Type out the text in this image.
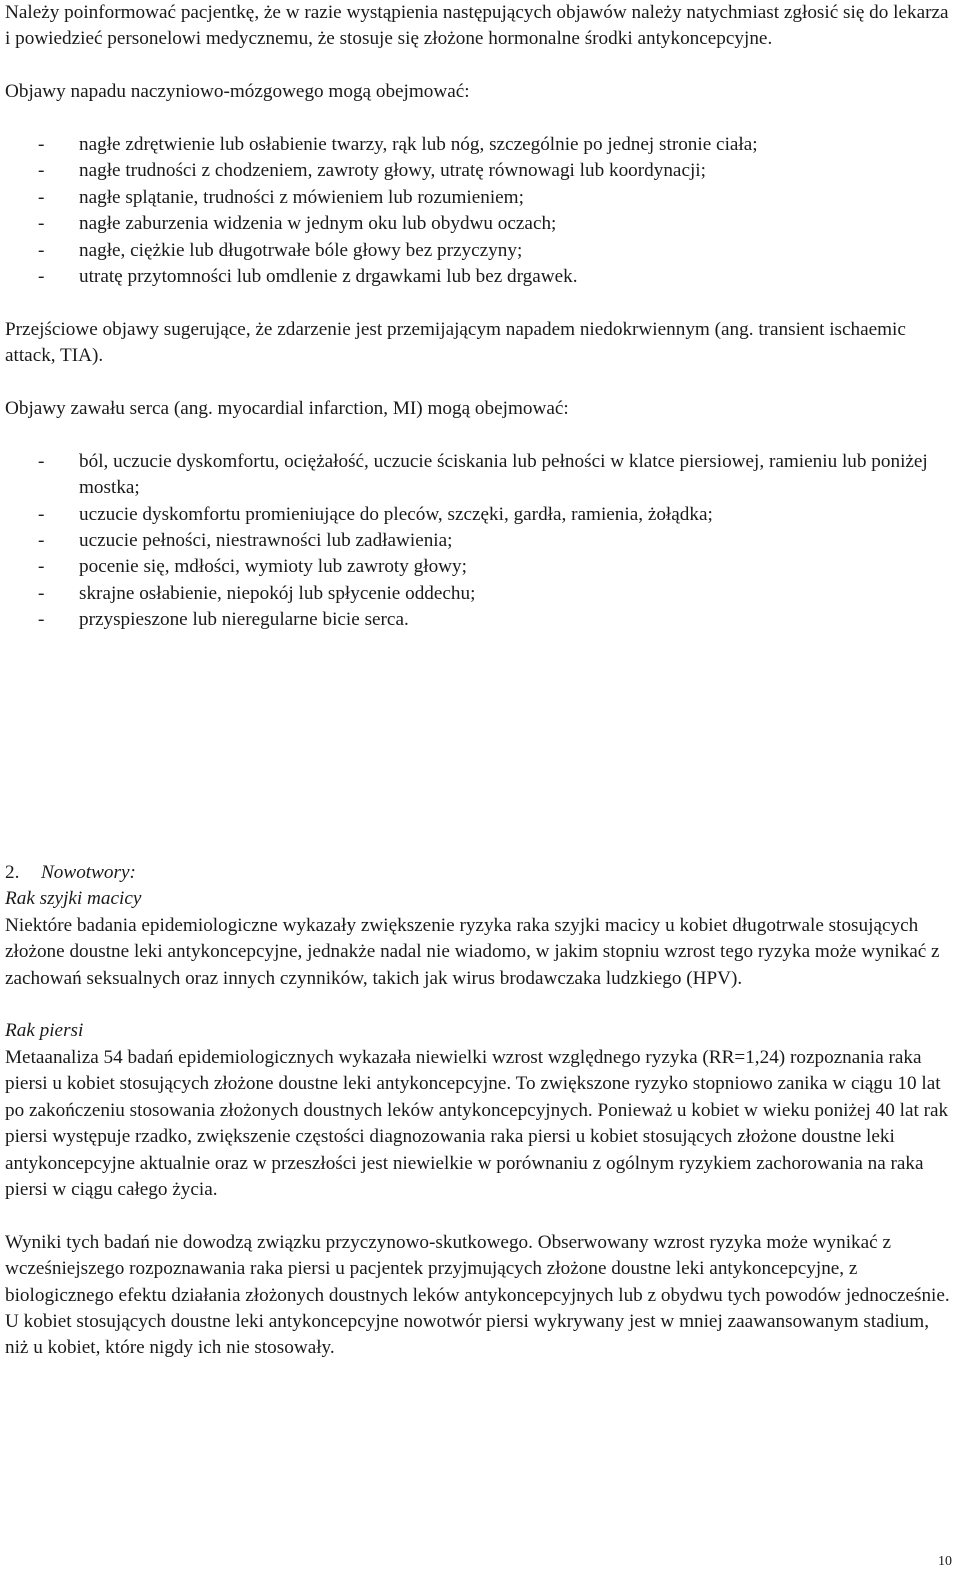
Należy poinformować pacjentkę, że w razie wystąpienia następujących objawów należy natychmiast zgłosić się do lekarza i powiedzieć personelowi medycznemu, że stosuje się złożone hormonalne środki antykoncepcyjne.

Objawy napadu naczyniowo-mózgowego mogą obejmować:

- nagłe zdrętwienie lub osłabienie twarzy, rąk lub nóg, szczególnie po jednej stronie ciała;
- nagłe trudności z chodzeniem, zawroty głowy, utratę równowagi lub koordynacji;
- nagłe splątanie, trudności z mówieniem lub rozumieniem;
- nagłe zaburzenia widzenia w jednym oku lub obydwu oczach;
- nagłe, ciężkie lub długotrwałe bóle głowy bez przyczyny;
- utratę przytomności lub omdlenie z drgawkami lub bez drgawek.

Przejściowe objawy sugerujące, że zdarzenie jest przemijającym napadem niedokrwiennym (ang. transient ischaemic attack, TIA).

Objawy zawału serca (ang. myocardial infarction, MI) mogą obejmować:

- ból, uczucie dyskomfortu, ociężałość, uczucie ściskania lub pełności w klatce piersiowej, ramieniu lub poniżej mostka;
- uczucie dyskomfortu promieniujące do pleców, szczęki, gardła, ramienia, żołądka;
- uczucie pełności, niestrawności lub zadławienia;
- pocenie się, mdłości, wymioty lub zawroty głowy;
- skrajne osłabienie, niepokój lub spłycenie oddechu;
- przyspieszone lub nieregularne bicie serca.

2. Nowotwory:

Rak szyjki macicy

Niektóre badania epidemiologiczne wykazały zwiększenie ryzyka raka szyjki macicy u kobiet długotrwale stosujących złożone doustne leki antykoncepcyjne, jednakże nadal nie wiadomo, w jakim stopniu wzrost tego ryzyka może wynikać z zachowań seksualnych oraz innych czynników, takich jak wirus brodawczaka ludzkiego (HPV).

Rak piersi

Metaanaliza 54 badań epidemiologicznych wykazała niewielki wzrost względnego ryzyka (RR=1,24) rozpoznania raka piersi u kobiet stosujących złożone doustne leki antykoncepcyjne. To zwiększone ryzyko stopniowo zanika w ciągu 10 lat po zakończeniu stosowania złożonych doustnych leków antykoncepcyjnych. Ponieważ u kobiet w wieku poniżej 40 lat rak piersi występuje rzadko, zwiększenie częstości diagnozowania raka piersi u kobiet stosujących złożone doustne leki antykoncepcyjne aktualnie oraz w przeszłości jest niewielkie w porównaniu z ogólnym ryzykiem zachorowania na raka piersi w ciągu całego życia.

Wyniki tych badań nie dowodzą związku przyczynowo-skutkowego. Obserwowany wzrost ryzyka może wynikać z wcześniejszego rozpoznawania raka piersi u pacjentek przyjmujących złożone doustne leki antykoncepcyjne, z biologicznego efektu działania złożonych doustnych leków antykoncepcyjnych lub z obydwu tych powodów jednocześnie. U kobiet stosujących doustne leki antykoncepcyjne nowotwór piersi wykrywany jest w mniej zaawansowanym stadium, niż u kobiet, które nigdy ich nie stosowały.

10
